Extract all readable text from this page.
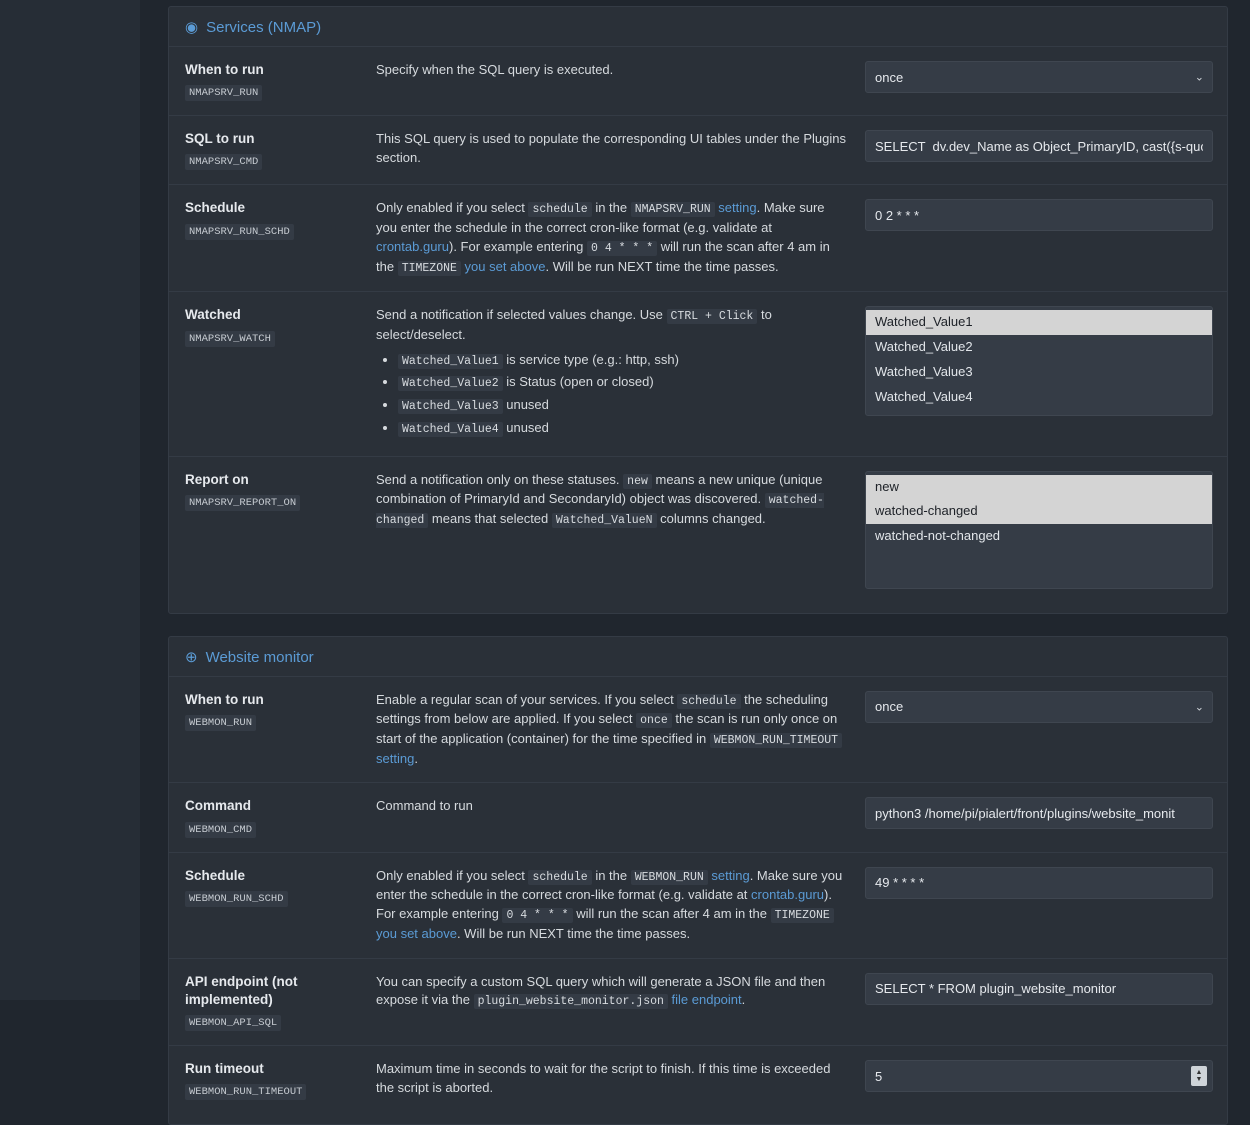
◉ Services (NMAP)
When to run
NMAPSRV_RUN
Specify when the SQL query is executed.
once
⌄
SQL to run
NMAPSRV_CMD
This SQL query is used to populate the corresponding UI tables under the Plugins section.
SELECT dv.dev_Name as Object_PrimaryID, cast({s-quo
Schedule
NMAPSRV_RUN_SCHD
Only enabled if you select schedule in the NMAPSRV_RUN setting. Make sure you enter the schedule in the correct cron-like format (e.g. validate at crontab.guru). For example entering 0 4 * * * will run the scan after 4 am in the TIMEZONE you set above. Will be run NEXT time the time passes.
0 2 * * *
Watched
NMAPSRV_WATCH
Send a notification if selected values change. Use CTRL + Click to select/deselect.
• Watched_Value1 is service type (e.g.: http, ssh)
• Watched_Value2 is Status (open or closed)
• Watched_Value3 unused
• Watched_Value4 unused
Watched_Value1
Watched_Value2
Watched_Value3
Watched_Value4
Report on
NMAPSRV_REPORT_ON
Send a notification only on these statuses. new means a new unique (unique combination of PrimaryId and SecondaryId) object was discovered. watched-changed means that selected Watched_ValueN columns changed.
new
watched-changed
watched-not-changed
⊕ Website monitor
When to run
WEBMON_RUN
Enable a regular scan of your services. If you select schedule the scheduling settings from below are applied. If you select once the scan is run only once on start of the application (container) for the time specified in WEBMON_RUN_TIMEOUT setting.
once
⌄
Command
WEBMON_CMD
Command to run
python3 /home/pi/pialert/front/plugins/website_monit
Schedule
WEBMON_RUN_SCHD
Only enabled if you select schedule in the WEBMON_RUN setting. Make sure you enter the schedule in the correct cron-like format (e.g. validate at crontab.guru). For example entering 0 4 * * * will run the scan after 4 am in the TIMEZONE you set above. Will be run NEXT time the time passes.
49 * * * *
API endpoint (not implemented)
WEBMON_API_SQL
You can specify a custom SQL query which will generate a JSON file and then expose it via the plugin_website_monitor.json file endpoint.
SELECT * FROM plugin_website_monitor
Run timeout
WEBMON_RUN_TIMEOUT
Maximum time in seconds to wait for the script to finish. If this time is exceeded the script is aborted.
5
▲
▼
